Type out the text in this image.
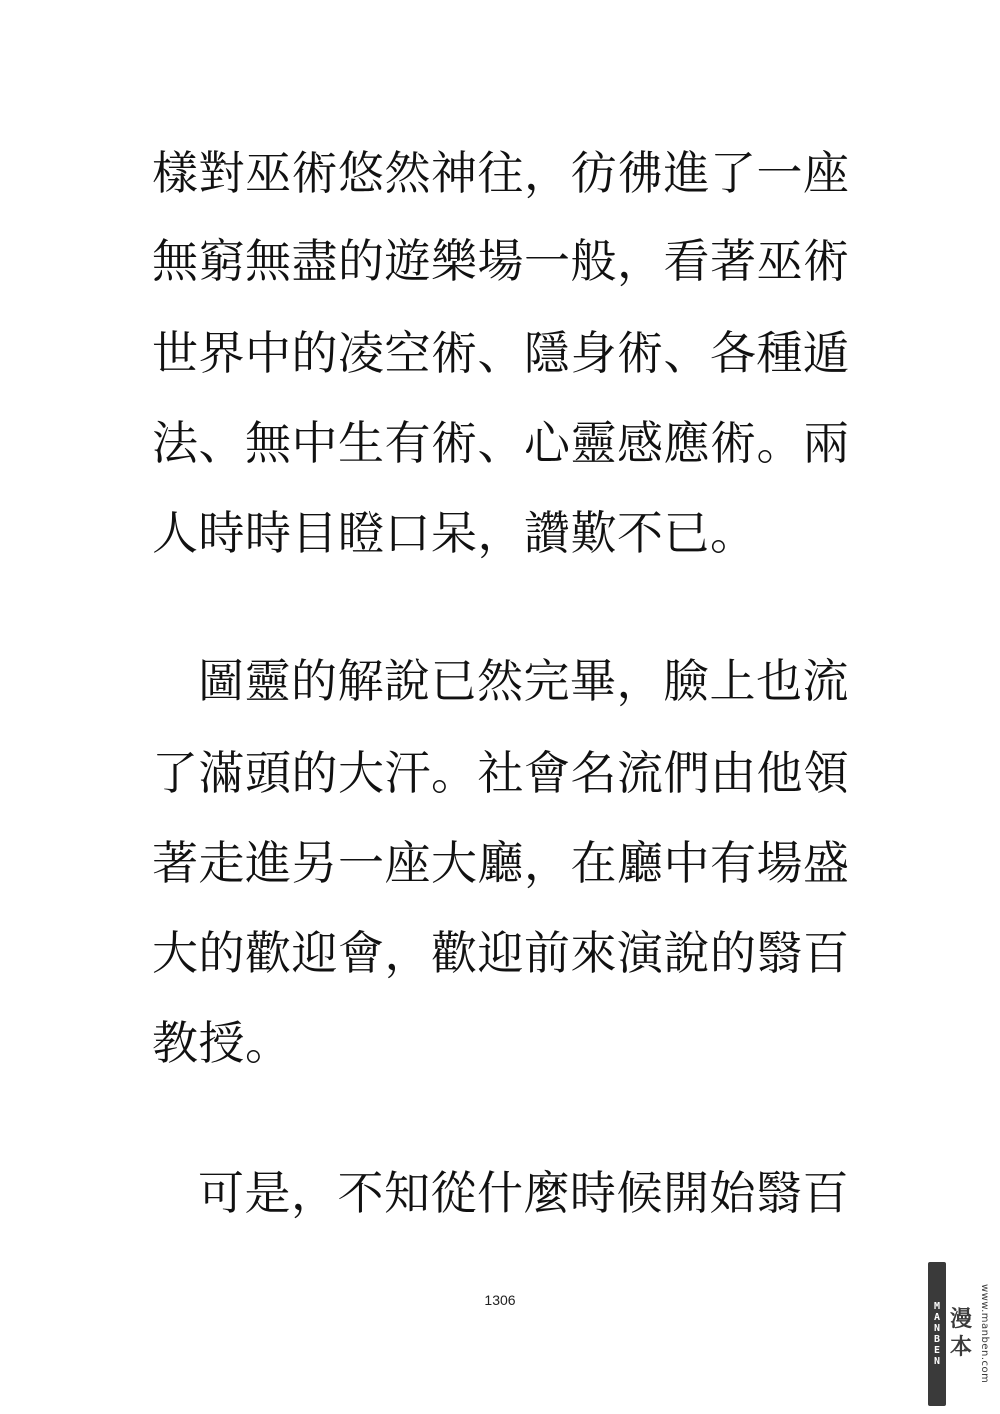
樣對巫術悠然神往，彷彿進了一座
無窮無盡的遊樂場一般，看著巫術
世界中的凌空術、隱身術、各種遁
法、無中生有術、心靈感應術。兩
人時時目瞪口呆，讚歎不已。
圖靈的解說已然完畢，臉上也流
了滿頭的大汗。社會名流們由他領
著走進另一座大廳，在廳中有場盛
大的歡迎會，歡迎前來演說的翳百
教授。
可是，不知從什麼時候開始翳百
1306	M
A
N
B
E
N
漫
本 www.manben.com
